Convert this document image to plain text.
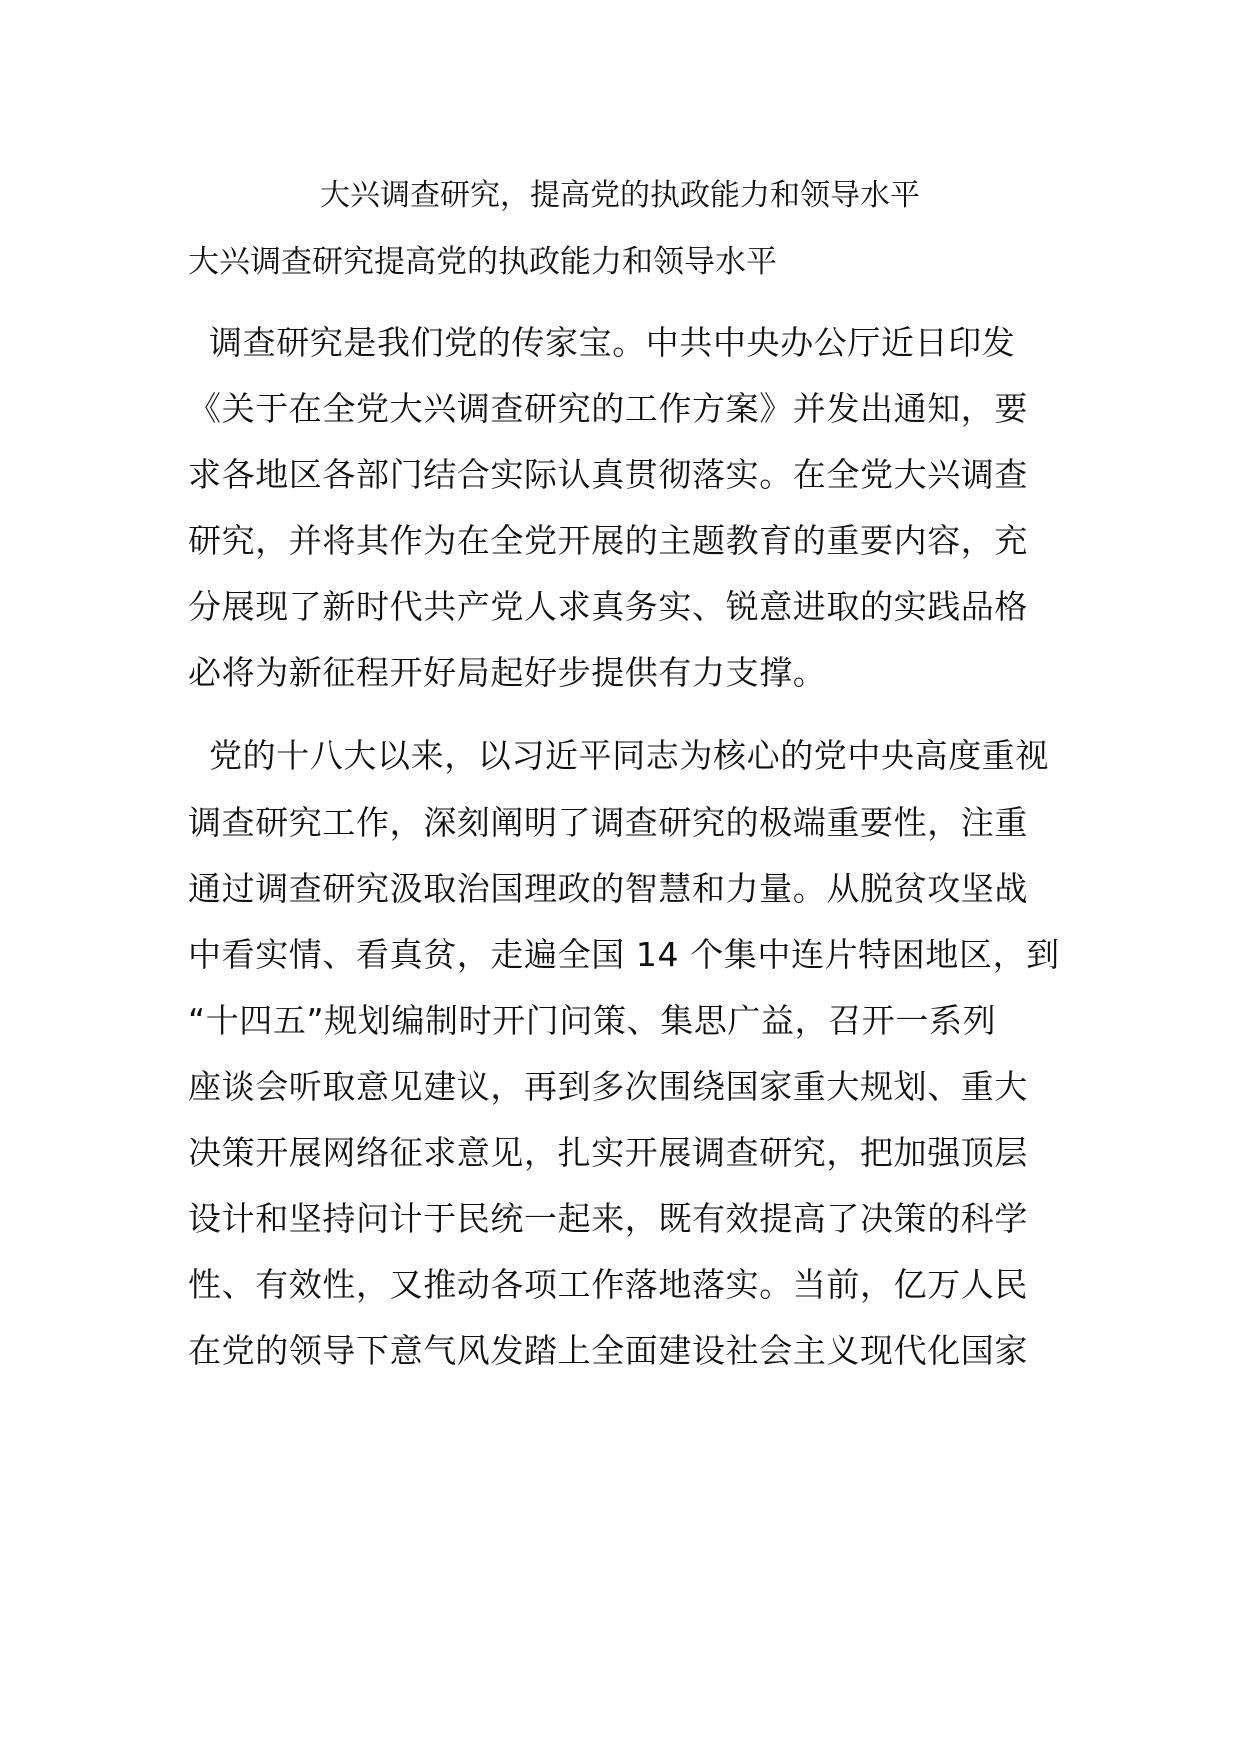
大兴调查研究，提高党的执政能力和领导水平
大兴调查研究提高党的执政能力和领导水平
调查研究是我们党的传家宝。中共中央办公厅近日印发
《关于在全党大兴调查研究的工作方案》并发出通知，要
求各地区各部门结合实际认真贯彻落实。在全党大兴调查
研究，并将其作为在全党开展的主题教育的重要内容，充
分展现了新时代共产党人求真务实、锐意进取的实践品格
必将为新征程开好局起好步提供有力支撑。
党的十八大以来，以习近平同志为核心的党中央高度重视
调查研究工作，深刻阐明了调查研究的极端重要性，注重
通过调查研究汲取治国理政的智慧和力量。从脱贫攻坚战
中看实情、看真贫，走遍全国 14 个集中连片特困地区，到
“十四五”规划编制时开门问策、集思广益，召开一系列
座谈会听取意见建议，再到多次围绕国家重大规划、重大
决策开展网络征求意见，扎实开展调查研究，把加强顶层
设计和坚持问计于民统一起来，既有效提高了决策的科学
性、有效性，又推动各项工作落地落实。当前，亿万人民
在党的领导下意气风发踏上全面建设社会主义现代化国家
